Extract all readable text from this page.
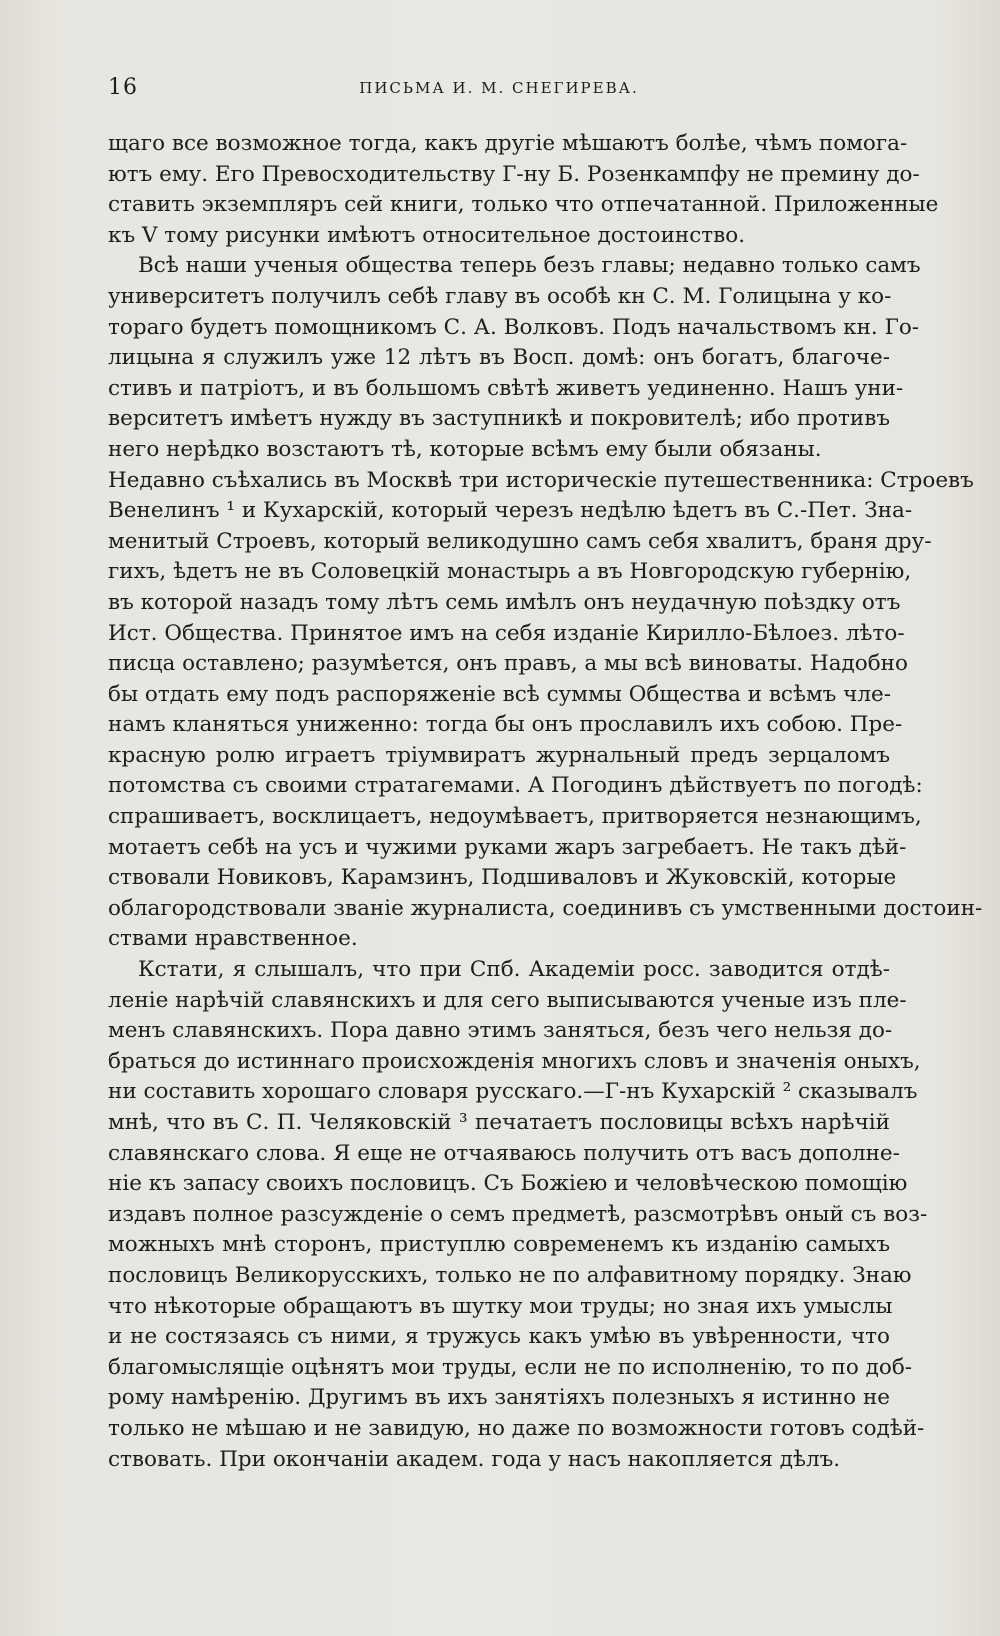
16	ПИСЬМА И. М. СНЕГИРЕВА.
щаго все возможное тогда, какъ другіе мѣшаютъ болѣе, чѣмъ помога-
ютъ ему. Его Превосходительству Г-ну Б. Розенкампфу не премину до-
ставить экземпляръ сей книги, только что отпечатанной. Приложенные
къ V тому рисунки имѣютъ относительное достоинство.
Всѣ наши ученыя общества теперь безъ главы; недавно только самъ
университетъ получилъ себѣ главу въ особѣ кн С. М. Голицына у ко-
тораго будетъ помощникомъ С. А. Волковъ. Подъ начальствомъ кн. Го-
лицына я служилъ уже 12 лѣтъ въ Восп. домѣ: онъ богатъ, благоче-
стивъ и патріотъ, и въ большомъ свѣтѣ живетъ уединенно. Нашъ уни-
верситетъ имѣетъ нужду въ заступникѣ и покровителѣ; ибо противъ
него нерѣдко возстаютъ тѣ, которые всѣмъ ему были обязаны.
Недавно съѣхались въ Москвѣ три историческіе путешественника: Строевъ
Венелинъ ¹ и Кухарскій, который черезъ недѣлю ѣдетъ въ С.-Пет. Зна-
менитый Строевъ, который великодушно самъ себя хвалитъ, браня дру-
гихъ, ѣдетъ не въ Соловецкій монастырь а въ Новгородскую губернію,
въ которой назадъ тому лѣтъ семь имѣлъ онъ неудачную поѣздку отъ
Ист. Общества. Принятое имъ на себя изданіе Кирилло-Бѣлоез. лѣто-
писца оставлено; разумѣется, онъ правъ, а мы всѣ виноваты. Надобно
бы отдать ему подъ распоряженіе всѣ суммы Общества и всѣмъ чле-
намъ кланяться униженно: тогда бы онъ прославилъ ихъ собою. Пре-
красную ролю играетъ тріумвиратъ журнальный предъ зерцаломъ
потомства съ своими стратагемами. А Погодинъ дѣйствуетъ по погодѣ:
спрашиваетъ, восклицаетъ, недоумѣваетъ, притворяется незнающимъ,
мотаетъ себѣ на усъ и чужими руками жаръ загребаетъ. Не такъ дѣй-
ствовали Новиковъ, Карамзинъ, Подшиваловъ и Жуковскій, которые
облагородствовали званіе журналиста, соединивъ съ умственными достоин-
ствами нравственное.
Кстати, я слышалъ, что при Спб. Академіи росс. заводится отдѣ-
леніе нарѣчій славянскихъ и для сего выписываются ученые изъ пле-
менъ славянскихъ. Пора давно этимъ заняться, безъ чего нельзя до-
браться до истиннаго происхожденія многихъ словъ и значенія оныхъ,
ни составить хорошаго словаря русскаго.—Г-нъ Кухарскій ² сказывалъ
мнѣ, что въ С. П. Челяковскій ³ печатаетъ пословицы всѣхъ нарѣчій
славянскаго слова. Я еще не отчаяваюсь получить отъ васъ дополне-
ніе къ запасу своихъ пословицъ. Съ Божіею и человѣческою помощію
издавъ полное разсужденіе о семъ предметѣ, разсмотрѣвъ оный съ воз-
можныхъ мнѣ сторонъ, приступлю современемъ къ изданію самыхъ
пословицъ Великорусскихъ, только не по алфавитному порядку. Знаю
что нѣкоторые обращаютъ въ шутку мои труды; но зная ихъ умыслы
и не состязаясь съ ними, я тружусь какъ умѣю въ увѣренности, что
благомыслящіе оцѣнятъ мои труды, если не по исполненію, то по доб-
рому намѣренію. Другимъ въ ихъ занятіяхъ полезныхъ я истинно не
только не мѣшаю и не завидую, но даже по возможности готовъ содѣй-
ствовать. При окончаніи академ. года у насъ накопляется дѣлъ.
